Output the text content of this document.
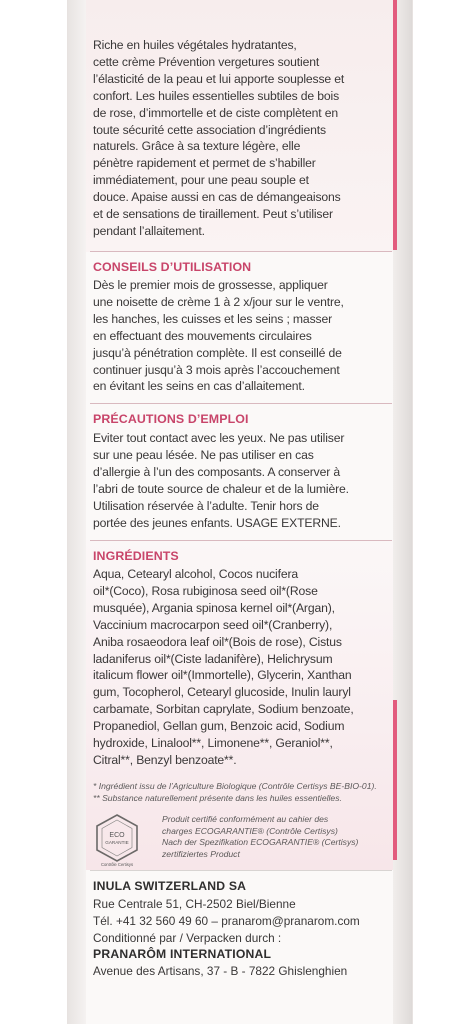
Riche en huiles végétales hydratantes,
cette crème Prévention vergetures soutient
l’élasticité de la peau et lui apporte souplesse et
confort. Les huiles essentielles subtiles de bois
de rose, d’immortelle et de ciste complètent en
toute sécurité cette association d’ingrédients
naturels. Grâce à sa texture légère, elle
pénètre rapidement et permet de s’habiller
immédiatement, pour une peau souple et
douce. Apaise aussi en cas de démangeaisons
et de sensations de tiraillement. Peut s’utiliser
pendant l’allaitement.
CONSEILS D’UTILISATION
Dès le premier mois de grossesse, appliquer
une noisette de crème 1 à 2 x/jour sur le ventre,
les hanches, les cuisses et les seins ; masser
en effectuant des mouvements circulaires
jusqu’à pénétration complète. Il est conseillé de
continuer jusqu’à 3 mois après l’accouchement
en évitant les seins en cas d’allaitement.
PRÉCAUTIONS D’EMPLOI
Eviter tout contact avec les yeux. Ne pas utiliser
sur une peau lésée. Ne pas utiliser en cas
d’allergie à l’un des composants. A conserver à
l’abri de toute source de chaleur et de la lumière.
Utilisation réservée à l’adulte. Tenir hors de
portée des jeunes enfants. USAGE EXTERNE.
INGRÉDIENTS
Aqua, Cetearyl alcohol, Cocos nucifera
oil*(Coco), Rosa rubiginosa seed oil*(Rose
musquée), Argania spinosa kernel oil*(Argan),
Vaccinium macrocarpon seed oil*(Cranberry),
Aniba rosaeodora leaf oil*(Bois de rose), Cistus
ladaniferus oil*(Ciste ladanifère), Helichrysum
italicum flower oil*(Immortelle), Glycerin, Xanthan
gum, Tocopherol, Cetearyl glucoside, Inulin lauryl
carbamate, Sorbitan caprylate, Sodium benzoate,
Propanediol, Gellan gum, Benzoic acid, Sodium
hydroxide, Linalool**, Limonene**, Geraniol**,
Citral**, Benzyl benzoate**.
* Ingrédient issu de l’Agriculture Biologique (Contrôle Certisys BE-BIO-01).
** Substance naturellement présente dans les huiles essentielles.
ECO
GARANTIE
Contrôle Certisys
Produit certifié conformément au cahier des
charges ECOGARANTIE® (Contrôle Certisys)
Nach der Spezifikation ECOGARANTIE® (Certisys)
zertifiziertes Product
INULA SWITZERLAND SA
Rue Centrale 51, CH-2502 Biel/Bienne
Tél. +41 32 560 49 60 – pranarom@pranarom.com
Conditionné par / Verpacken durch :
PRANARÔM INTERNATIONAL
Avenue des Artisans, 37 - B - 7822 Ghislenghien
